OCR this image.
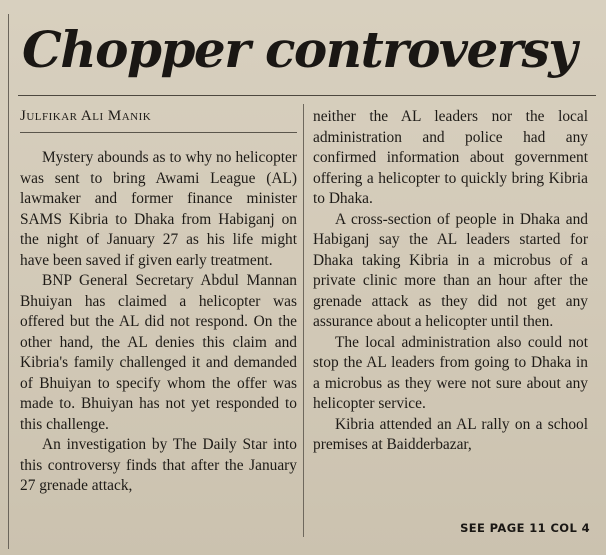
Chopper controversy
Julfikar Ali Manik

Mystery abounds as to why no helicopter was sent to bring Awami League (AL) lawmaker and former finance minister SAMS Kibria to Dhaka from Habiganj on the night of January 27 as his life might have been saved if given early treatment.

BNP General Secretary Abdul Mannan Bhuiyan has claimed a helicopter was offered but the AL did not respond. On the other hand, the AL denies this claim and Kibria's family challenged it and demanded of Bhuiyan to specify whom the offer was made to. Bhuiyan has not yet responded to this challenge.

An investigation by The Daily Star into this controversy finds that after the January 27 grenade attack,

neither the AL leaders nor the local administration and police had any confirmed information about government offering a helicopter to quickly bring Kibria to Dhaka.

A cross-section of people in Dhaka and Habiganj say the AL leaders started for Dhaka taking Kibria in a microbus of a private clinic more than an hour after the grenade attack as they did not get any assurance about a helicopter until then.

The local administration also could not stop the AL leaders from going to Dhaka in a microbus as they were not sure about any helicopter service.

Kibria attended an AL rally on a school premises at Baidderbazar,

SEE PAGE 11 COL 4
